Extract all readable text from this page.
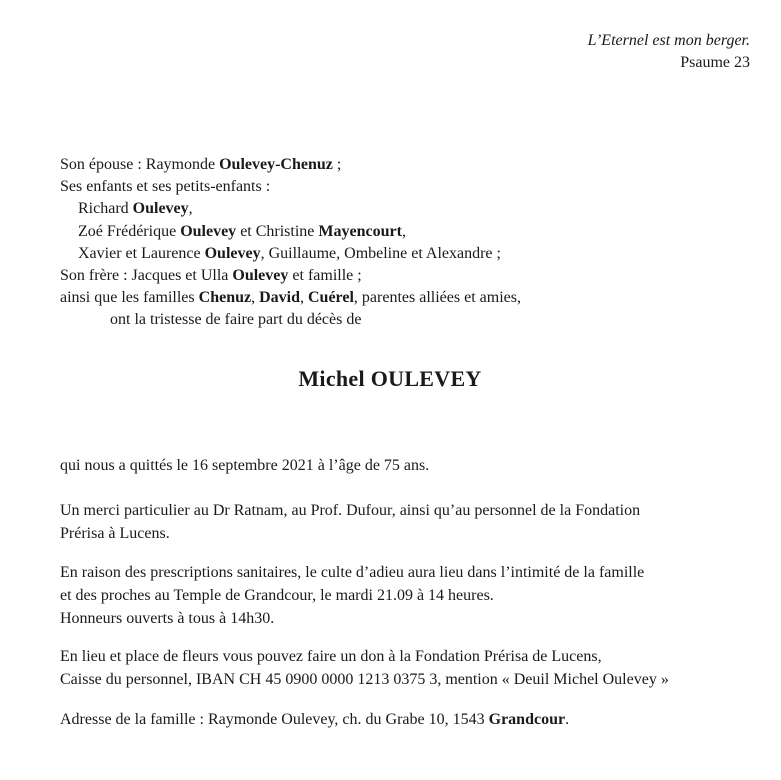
L’Eternel est mon berger.
Psaume 23
Son épouse : Raymonde Oulevey-Chenuz ;
Ses enfants et ses petits-enfants :
Richard Oulevey,
Zoé Frédérique Oulevey et Christine Mayencourt,
Xavier et Laurence Oulevey, Guillaume, Ombeline et Alexandre ;
Son frère : Jacques et Ulla Oulevey et famille ;
ainsi que les familles Chenuz, David, Cuérel, parentes alliées et amies,
ont la tristesse de faire part du décès de
Michel OULEVEY
qui nous a quittés le 16 septembre 2021 à l’âge de 75 ans.
Un merci particulier au Dr Ratnam, au Prof. Dufour, ainsi qu’au personnel de la Fondation
Prérisa à Lucens.
En raison des prescriptions sanitaires, le culte d’adieu aura lieu dans l’intimité de la famille
et des proches au Temple de Grandcour, le mardi 21.09 à 14 heures.
Honneurs ouverts à tous à 14h30.
En lieu et place de fleurs vous pouvez faire un don à la Fondation Prérisa de Lucens,
Caisse du personnel, IBAN CH 45 0900 0000 1213 0375 3, mention « Deuil Michel Oulevey »
Adresse de la famille : Raymonde Oulevey, ch. du Grabe 10, 1543 Grandcour.
